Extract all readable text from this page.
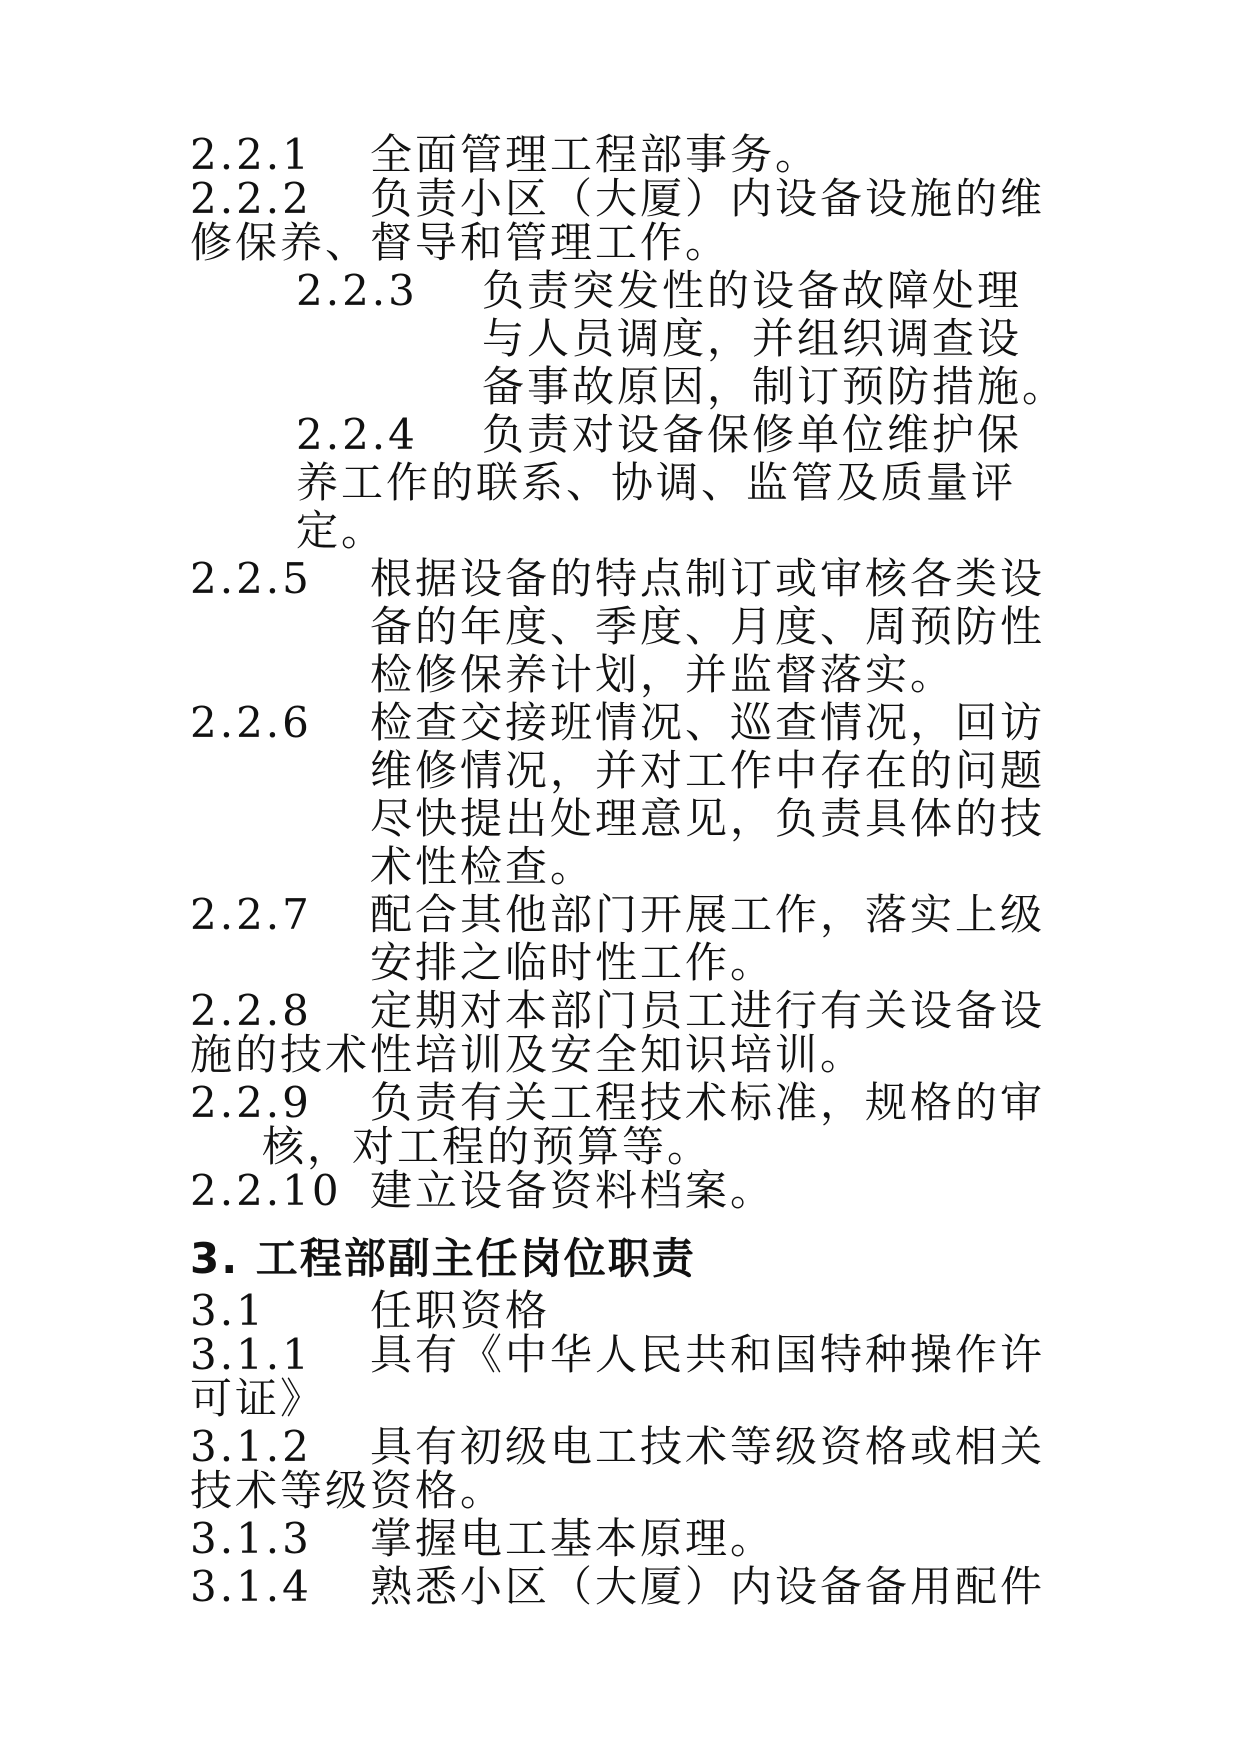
2.2.1 全面管理工程部事务。
2.2.2 负责小区（大厦）内设备设施的维
修保养、督导和管理工作。
2.2.3 负责突发性的设备故障处理
与人员调度，并组织调查设
备事故原因，制订预防措施。
2.2.4 负责对设备保修单位维护保
养工作的联系、协调、监管及质量评
定。
2.2.5 根据设备的特点制订或审核各类设
备的年度、季度、月度、周预防性
检修保养计划，并监督落实。
2.2.6 检查交接班情况、巡查情况，回访
维修情况，并对工作中存在的问题
尽快提出处理意见，负责具体的技
术性检查。
2.2.7 配合其他部门开展工作，落实上级
安排之临时性工作。
2.2.8 定期对本部门员工进行有关设备设
施的技术性培训及安全知识培训。
2.2.9 负责有关工程技术标准，规格的审
核，对工程的预算等。
2.2.10 建立设备资料档案。
3. 工程部副主任岗位职责
3.1 任职资格
3.1.1 具有《中华人民共和国特种操作许
可证》
3.1.2 具有初级电工技术等级资格或相关
技术等级资格。
3.1.3 掌握电工基本原理。
3.1.4 熟悉小区（大厦）内设备备用配件
